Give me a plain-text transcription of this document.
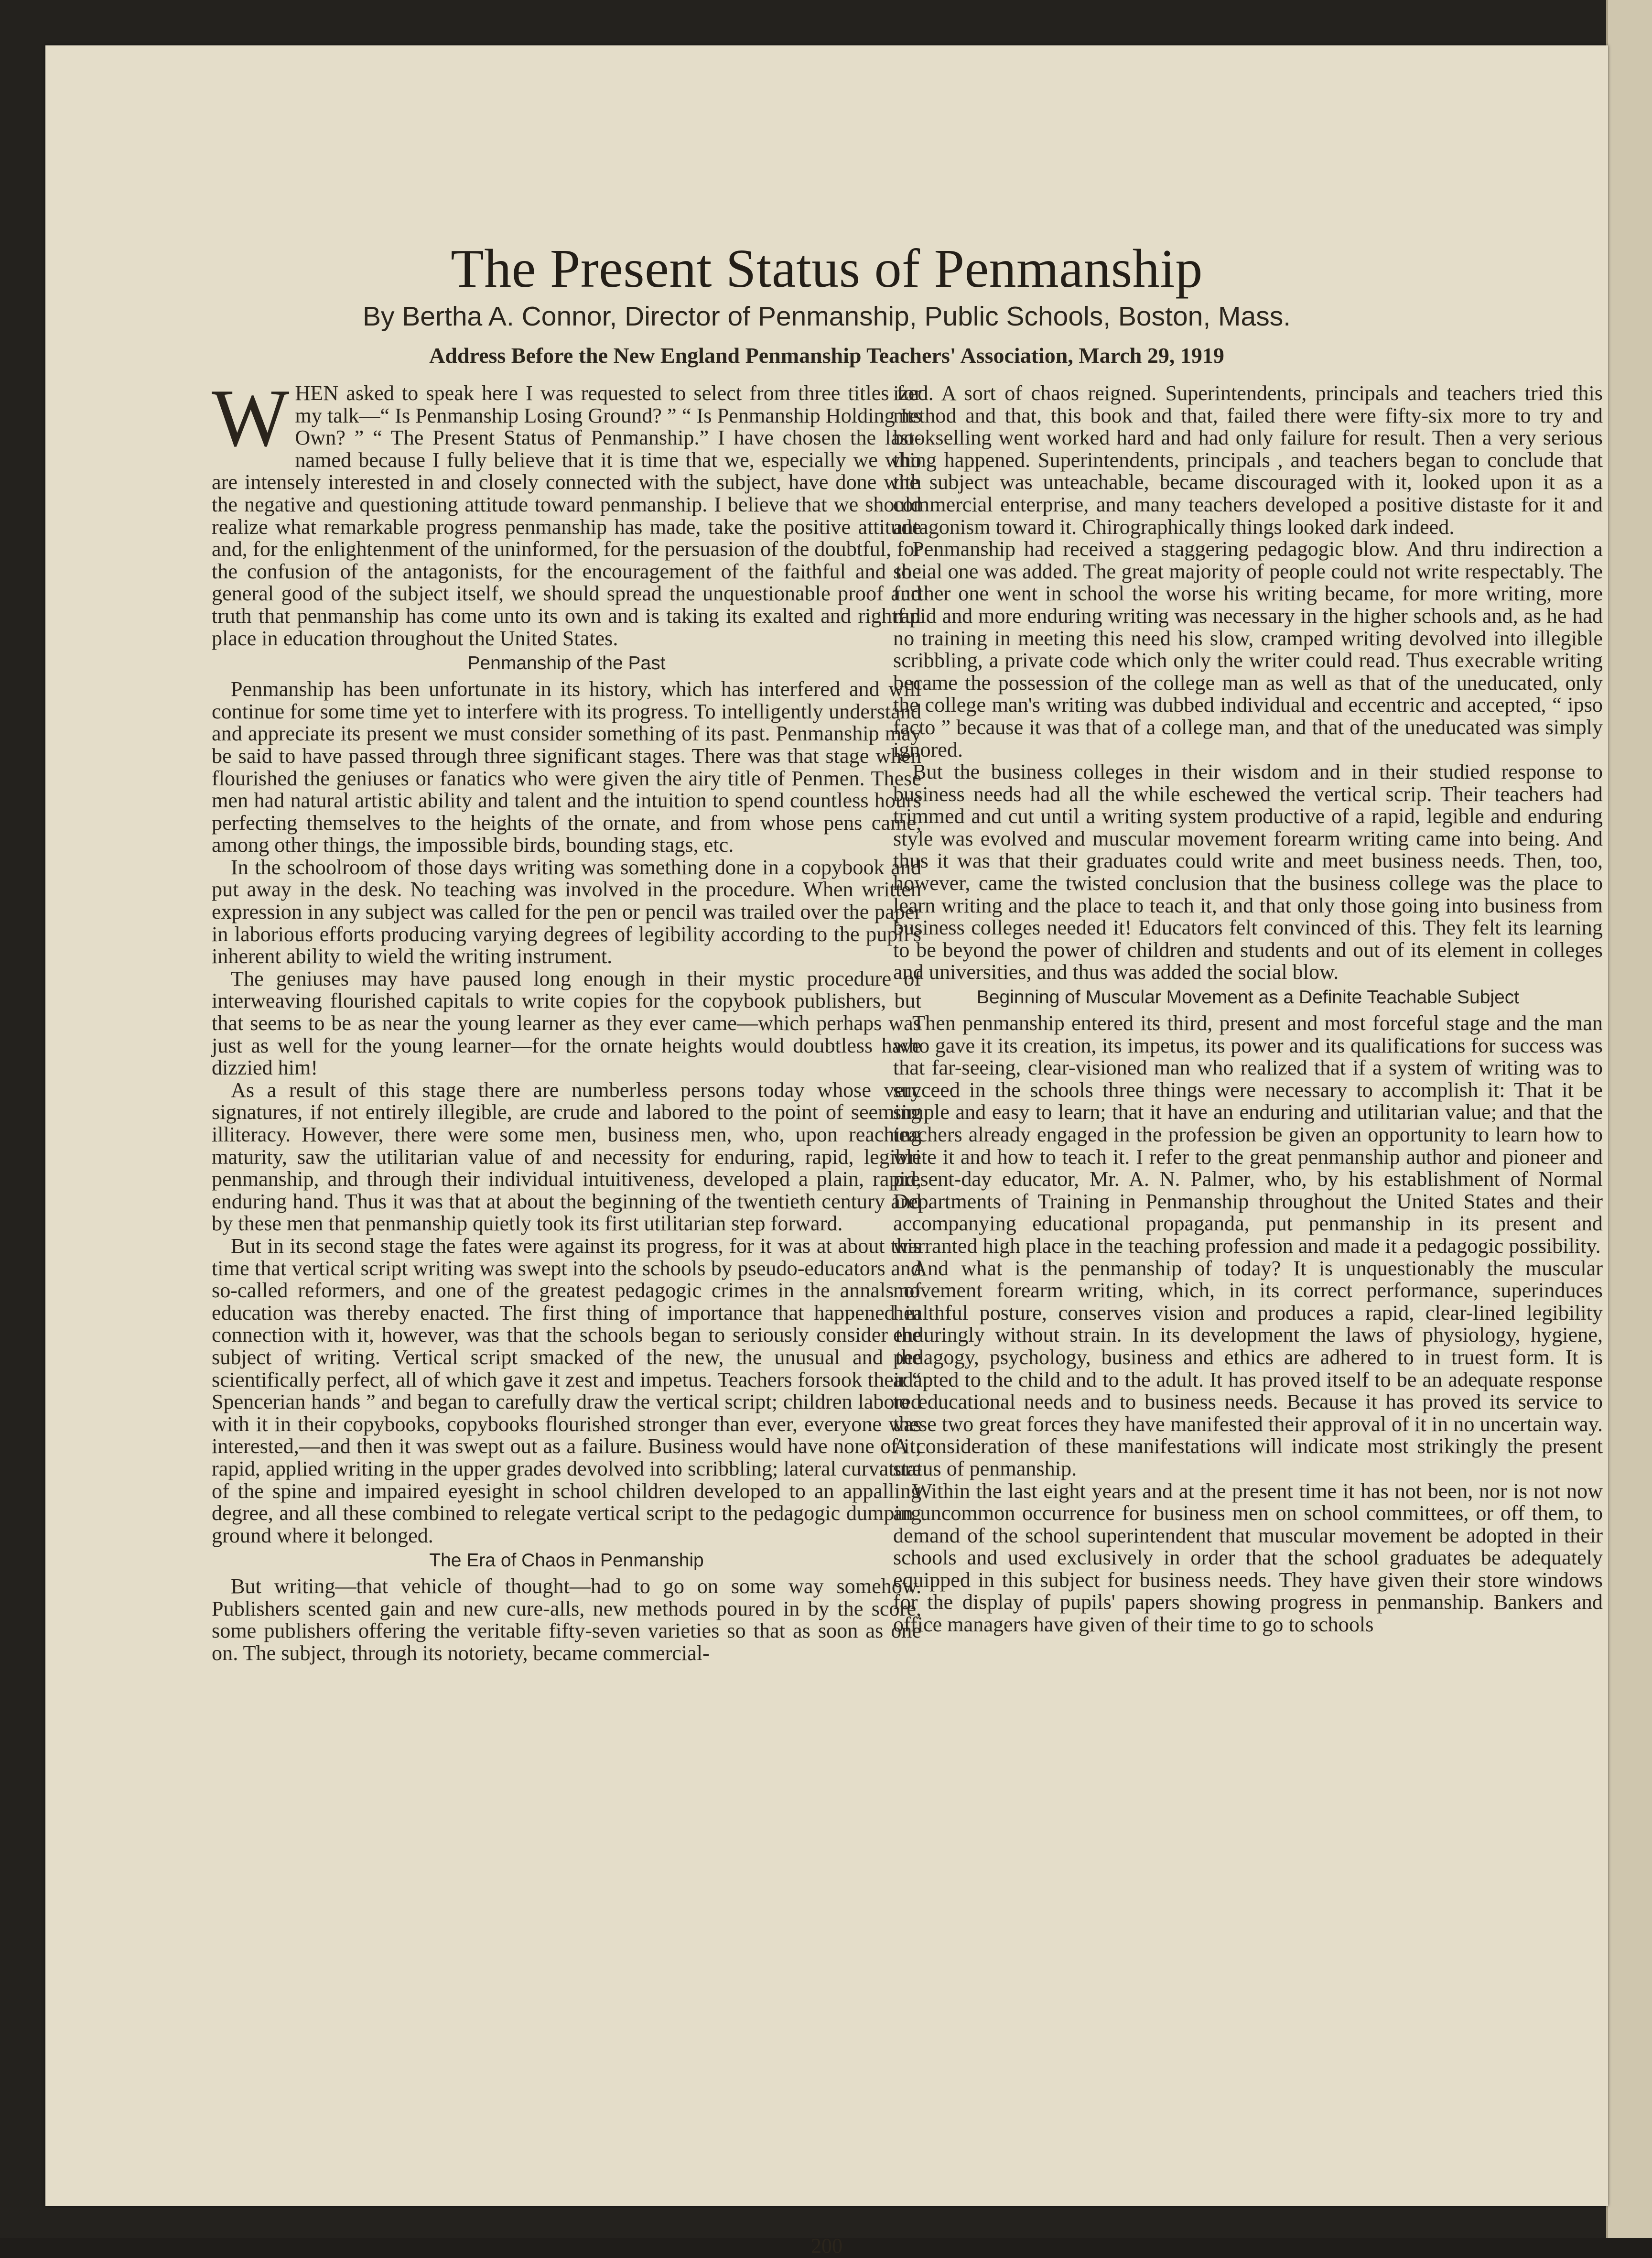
The Present Status of Penmanship
By Bertha A. Connor, Director of Penmanship, Public Schools, Boston, Mass.
Address Before the New England Penmanship Teachers' Association, March 29, 1919

WHEN asked to speak here I was requested to select from three titles for my talk—“ Is Penmanship Losing Ground? ” “ Is Penmanship Holding Its Own? ” “ The Present Status of Penmanship.” I have chosen the last-named because I fully believe that it is time that we, especially we who are intensely interested in and closely connected with the subject, have done with the negative and questioning attitude toward penmanship. I believe that we should realize what remarkable progress penmanship has made, take the positive attitude and, for the enlightenment of the uninformed, for the persuasion of the doubtful, for the confusion of the antagonists, for the encouragement of the faithful and the general good of the subject itself, we should spread the unquestionable proof and truth that penmanship has come unto its own and is taking its exalted and rightful place in education throughout the United States.

Penmanship of the Past

Penmanship has been unfortunate in its history, which has interfered and will continue for some time yet to interfere with its progress. To intelligently understand and appreciate its present we must consider something of its past. Penmanship may be said to have passed through three significant stages. There was that stage when flourished the geniuses or fanatics who were given the airy title of Penmen. These men had natural artistic ability and talent and the intuition to spend countless hours perfecting themselves to the heights of the ornate, and from whose pens came, among other things, the impossible birds, bounding stags, etc.

In the schoolroom of those days writing was something done in a copybook and put away in the desk. No teaching was involved in the procedure. When written expression in any subject was called for the pen or pencil was trailed over the paper in laborious efforts producing varying degrees of legibility according to the pupil's inherent ability to wield the writing instrument.

The geniuses may have paused long enough in their mystic procedure of interweaving flourished capitals to write copies for the copybook publishers, but that seems to be as near the young learner as they ever came—which perhaps was just as well for the young learner—for the ornate heights would doubtless have dizzied him!

As a result of this stage there are numberless persons today whose very signatures, if not entirely illegible, are crude and labored to the point of seeming illiteracy. However, there were some men, business men, who, upon reaching maturity, saw the utilitarian value of and necessity for enduring, rapid, legible penmanship, and through their individual intuitiveness, developed a plain, rapid, enduring hand. Thus it was that at about the beginning of the twentieth century and by these men that penmanship quietly took its first utilitarian step forward.

But in its second stage the fates were against its progress, for it was at about this time that vertical script writing was swept into the schools by pseudo-educators and so-called reformers, and one of the greatest pedagogic crimes in the annals of education was thereby enacted. The first thing of importance that happened in connection with it, however, was that the schools began to seriously consider the subject of writing. Vertical script smacked of the new, the unusual and the scientifically perfect, all of which gave it zest and impetus. Teachers forsook their “ Spencerian hands ” and began to carefully draw the vertical script; children labored with it in their copybooks, copybooks flourished stronger than ever, everyone was interested,—and then it was swept out as a failure. Business would have none of it; rapid, applied writing in the upper grades devolved into scribbling; lateral curvature of the spine and impaired eyesight in school children developed to an appalling degree, and all these combined to relegate vertical script to the pedagogic dumping ground where it belonged.

The Era of Chaos in Penmanship

But writing—that vehicle of thought—had to go on some way somehow. Publishers scented gain and new cure-alls, new methods poured in by the score, some publishers offering the veritable fifty-seven varieties so that as soon as one on. The subject, through its notoriety, became commercial-

ized. A sort of chaos reigned. Superintendents, principals and teachers tried this method and that, this book and that, failed there were fifty-six more to try and bookselling went worked hard and had only failure for result. Then a very serious thing happened. Superintendents, principals , and teachers began to conclude that the subject was unteachable, became discouraged with it, looked upon it as a commercial enterprise, and many teachers developed a positive distaste for it and antagonism toward it. Chirographically things looked dark indeed.

Penmanship had received a staggering pedagogic blow. And thru indirection a social one was added. The great majority of people could not write respectably. The further one went in school the worse his writing became, for more writing, more rapid and more enduring writing was necessary in the higher schools and, as he had no training in meeting this need his slow, cramped writing devolved into illegible scribbling, a private code which only the writer could read. Thus execrable writing became the possession of the college man as well as that of the uneducated, only the college man's writing was dubbed individual and eccentric and accepted, “ ipso facto ” because it was that of a college man, and that of the uneducated was simply ignored.

But the business colleges in their wisdom and in their studied response to business needs had all the while eschewed the vertical scrip. Their teachers had trimmed and cut until a writing system productive of a rapid, legible and enduring style was evolved and muscular movement forearm writing came into being. And thus it was that their graduates could write and meet business needs. Then, too, however, came the twisted conclusion that the business college was the place to learn writing and the place to teach it, and that only those going into business from business colleges needed it! Educators felt convinced of this. They felt its learning to be beyond the power of children and students and out of its element in colleges and universities, and thus was added the social blow.

Beginning of Muscular Movement as a Definite Teachable Subject

Then penmanship entered its third, present and most forceful stage and the man who gave it its creation, its impetus, its power and its qualifications for success was that far-seeing, clear-visioned man who realized that if a system of writing was to succeed in the schools three things were necessary to accomplish it: That it be simple and easy to learn; that it have an enduring and utilitarian value; and that the teachers already engaged in the profession be given an opportunity to learn how to write it and how to teach it. I refer to the great penmanship author and pioneer and present-day educator, Mr. A. N. Palmer, who, by his establishment of Normal Departments of Training in Penmanship throughout the United States and their accompanying educational propaganda, put penmanship in its present and warranted high place in the teaching profession and made it a pedagogic possibility.

And what is the penmanship of today? It is unquestionably the muscular movement forearm writing, which, in its correct performance, superinduces healthful posture, conserves vision and produces a rapid, clear-lined legibility enduringly without strain. In its development the laws of physiology, hygiene, pedagogy, psychology, business and ethics are adhered to in truest form. It is adapted to the child and to the adult. It has proved itself to be an adequate response to educational needs and to business needs. Because it has proved its service to these two great forces they have manifested their approval of it in no uncertain way. A consideration of these manifestations will indicate most strikingly the present status of penmanship.

Within the last eight years and at the present time it has not been, nor is not now an uncommon occurrence for business men on school committees, or off them, to demand of the school superintendent that muscular movement be adopted in their schools and used exclusively in order that the school graduates be adequately equipped in this subject for business needs. They have given their store windows for the display of pupils' papers showing progress in penmanship. Bankers and office managers have given of their time to go to schools

200
